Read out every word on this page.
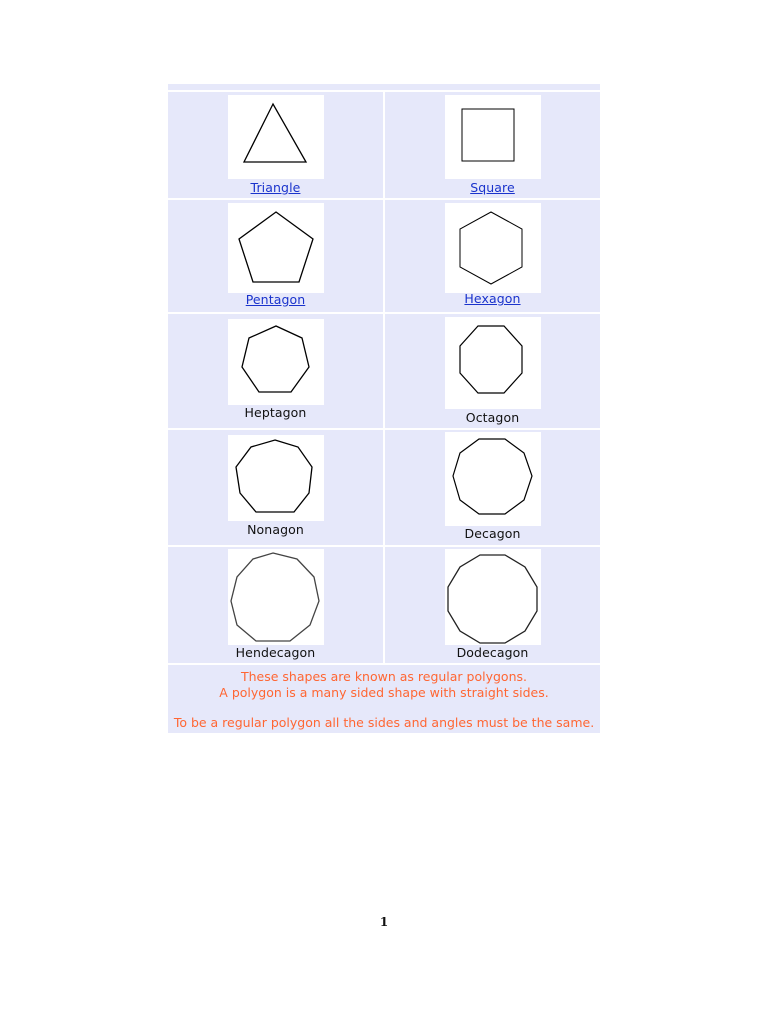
Triangle	Square
Pentagon	Hexagon
Heptagon	Octagon
Nonagon	Decagon
Hendecagon	Dodecagon
These shapes are known as regular polygons.
A polygon is a many sided shape with straight sides.
To be a regular polygon all the sides and angles must be the same.
1
